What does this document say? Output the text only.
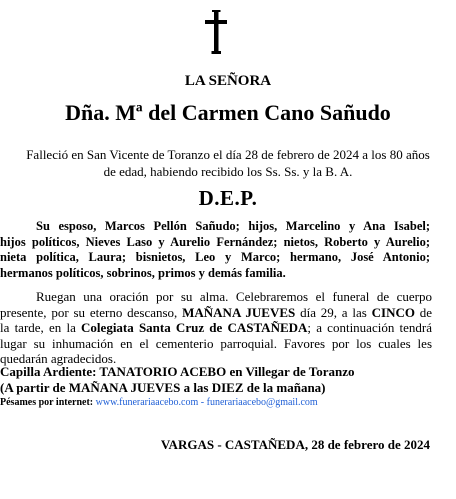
LA SEÑORA
Dña. Mª del Carmen Cano Sañudo
Falleció en San Vicente de Toranzo el día 28 de febrero de 2024 a los 80 años
de edad, habiendo recibido los Ss. Ss. y la B. A.
D.E.P.
Su esposo, Marcos Pellón Sañudo; hijos, Marcelino y Ana Isabel;
hijos políticos, Nieves Laso y Aurelio Fernández; nietos, Roberto y Aurelio;
nieta política, Laura; bisnietos, Leo y Marco; hermano, José Antonio;
hermanos políticos, sobrinos, primos y demás familia.
Ruegan una oración por su alma. Celebraremos el funeral de cuerpo
presente, por su eterno descanso, MAÑANA JUEVES día 29, a las CINCO de
la tarde, en la Colegiata Santa Cruz de CASTAÑEDA; a continuación tendrá
lugar su inhumación en el cementerio parroquial. Favores por los cuales les
quedarán agradecidos.
Capilla Ardiente: TANATORIO ACEBO en Villegar de Toranzo
(A partir de MAÑANA JUEVES a las DIEZ de la mañana)
Pésames por internet: www.funerariaacebo.com - funerariaacebo@gmail.com
VARGAS - CASTAÑEDA, 28 de febrero de 2024
